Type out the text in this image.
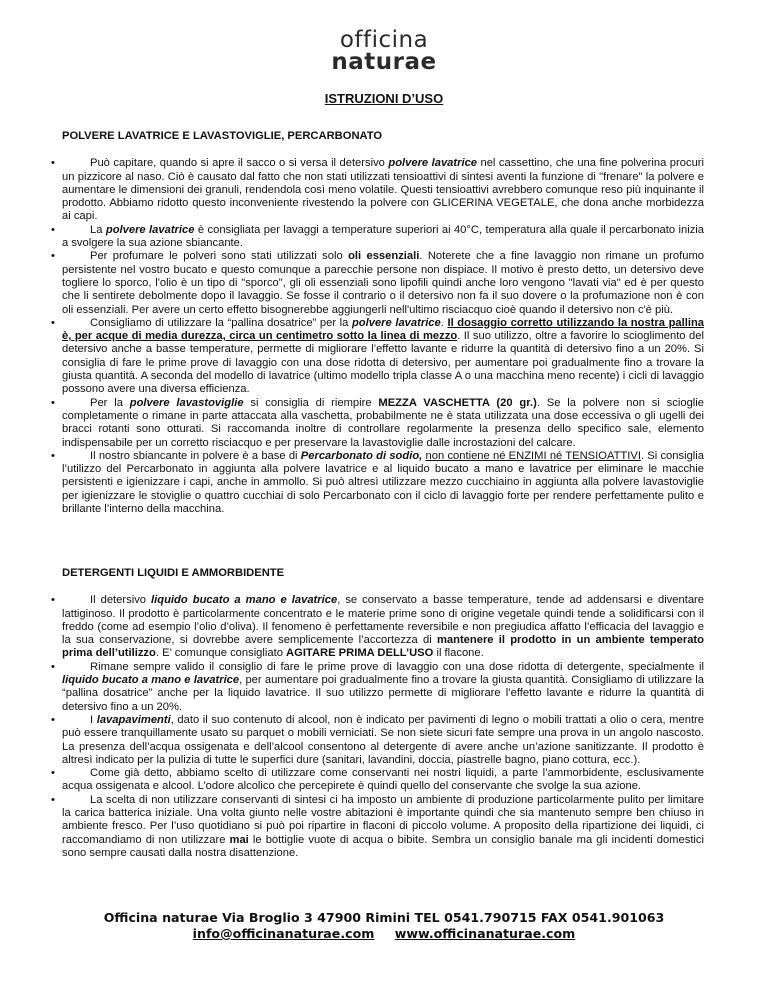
officina
naturae
ISTRUZIONI D’USO

POLVERE LAVATRICE E LAVASTOVIGLIE, PERCARBONATO

•	Può capitare, quando si apre il sacco o si versa il detersivo polvere lavatrice nel cassettino, che una fine polverina procuri un pizzicore al naso. Ciò è causato dal fatto che non stati utilizzati tensioattivi di sintesi aventi la funzione di "frenare" la polvere e aumentare le dimensioni dei granuli, rendendola così meno volatile. Questi tensioattivi avrebbero comunque reso più inquinante il prodotto. Abbiamo ridotto questo inconveniente rivestendo la polvere con GLICERINA VEGETALE, che dona anche morbidezza ai capi.
•	La polvere lavatrice è consigliata per lavaggi a temperature superiori ai 40°C, temperatura alla quale il percarbonato inizia a svolgere la sua azione sbiancante.
•	Per profumare le polveri sono stati utilizzati solo oli essenziali. Noterete che a fine lavaggio non rimane un profumo persistente nel vostro bucato e questo comunque a parecchie persone non dispiace. Il motivo è presto detto, un detersivo deve togliere lo sporco, l'olio è un tipo di "sporco", gli oli essenziali sono lipofili quindi anche loro vengono "lavati via" ed è per questo che li sentirete debolmente dopo il lavaggio. Se fosse il contrario o il detersivo non fa il suo dovere o la profumazione non è con oli essenziali. Per avere un certo effetto bisognerebbe aggiungerli nell'ultimo risciacquo cioè quando il detersivo non c'è più.
•	Consigliamo di utilizzare la “pallina dosatrice” per la polvere lavatrice. Il dosaggio corretto utilizzando la nostra pallina è, per acque di media durezza, circa un centimetro sotto la linea di mezzo. Il suo utilizzo, oltre a favorire lo scioglimento del detersivo anche a basse temperature, permette di migliorare l’effetto lavante e ridurre la quantità di detersivo fino a un 20%. Si consiglia di fare le prime prove di lavaggio con una dose ridotta di detersivo, per aumentare poi gradualmente fino a trovare la giusta quantità. A seconda del modello di lavatrice (ultimo modello tripla classe A o una macchina meno recente) i cicli di lavaggio possono avere una diversa efficienza.
•	Per la polvere lavastoviglie si consiglia di riempire MEZZA VASCHETTA (20 gr.). Se la polvere non si scioglie completamente o rimane in parte attaccata alla vaschetta, probabilmente ne è stata utilizzata una dose eccessiva o gli ugelli dei bracci rotanti sono otturati. Si raccomanda inoltre di controllare regolarmente la presenza dello specifico sale, elemento indispensabile per un corretto risciacquo e per preservare la lavastoviglie dalle incrostazioni del calcare.
•	Il nostro sbiancante in polvere è a base di Percarbonato di sodio, non contiene né ENZIMI né TENSIOATTIVI. Si consiglia l’utilizzo del Percarbonato in aggiunta alla polvere lavatrice e al liquido bucato a mano e lavatrice per eliminare le macchie persistenti e igienizzare i capi, anche in ammollo. Si può altresì utilizzare mezzo cucchiaino in aggiunta alla polvere lavastoviglie per igienizzare le stoviglie o quattro cucchiai di solo Percarbonato con il ciclo di lavaggio forte per rendere perfettamente pulito e brillante l’interno della macchina.

DETERGENTI LIQUIDI E AMMORBIDENTE

•	Il detersivo liquido bucato a mano e lavatrice, se conservato a basse temperature, tende ad addensarsi e diventare lattiginoso. Il prodotto è particolarmente concentrato e le materie prime sono di origine vegetale quindi tende a solidificarsi con il freddo (come ad esempio l’olio d’oliva). Il fenomeno è perfettamente reversibile e non pregiudica affatto l’efficacia del lavaggio e la sua conservazione, si dovrebbe avere semplicemente l’accortezza di mantenere il prodotto in un ambiente temperato prima dell’utilizzo. E’ comunque consigliato AGITARE PRIMA DELL’USO il flacone.
•	Rimane sempre valido il consiglio di fare le prime prove di lavaggio con una dose ridotta di detergente, specialmente il liquido bucato a mano e lavatrice, per aumentare poi gradualmente fino a trovare la giusta quantità. Consigliamo di utilizzare la “pallina dosatrice” anche per la liquido lavatrice. Il suo utilizzo permette di migliorare l’effetto lavante e ridurre la quantità di detersivo fino a un 20%.
•	I lavapavimenti, dato il suo contenuto di alcool, non è indicato per pavimenti di legno o mobili trattati a olio o cera, mentre può essere tranquillamente usato su parquet o mobili verniciati. Se non siete sicuri fate sempre una prova in un angolo nascosto. La presenza dell’acqua ossigenata e dell’alcool consentono al detergente di avere anche un’azione sanitizzante. Il prodotto è altresì indicato per la pulizia di tutte le superfici dure (sanitari, lavandini, doccia, piastrelle bagno, piano cottura, ecc.).
•	Come già detto, abbiamo scelto di utilizzare come conservanti nei nostri liquidi, a parte l’ammorbidente, esclusivamente acqua ossigenata e alcool. L’odore alcolico che percepirete è quindi quello del conservante che svolge la sua azione.
•	La scelta di non utilizzare conservanti di sintesi ci ha imposto un ambiente di produzione particolarmente pulito per limitare la carica batterica iniziale. Una volta giunto nelle vostre abitazioni è importante quindi che sia mantenuto sempre ben chiuso in ambiente fresco. Per l’uso quotidiano si può poi ripartire in flaconi di piccolo volume. A proposito della ripartizione dei liquidi, ci raccomandiamo di non utilizzare mai le bottiglie vuote di acqua o bibite. Sembra un consiglio banale ma gli incidenti domestici sono sempre causati dalla nostra disattenzione.
Officina naturae Via Broglio 3 47900 Rimini TEL 0541.790715 FAX 0541.901063
info@officinanaturae.com www.officinanaturae.com
